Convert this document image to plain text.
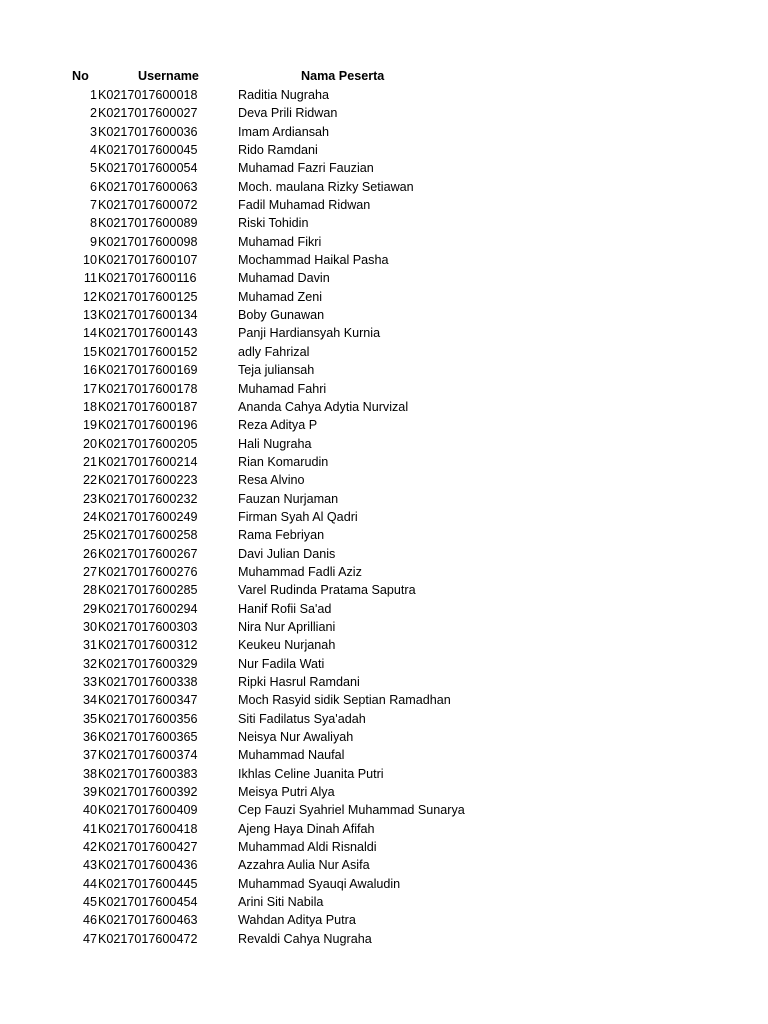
No	Username	Nama Peserta
1 K0217017600018	Raditia Nugraha
2 K0217017600027	Deva Prili Ridwan
3 K0217017600036	Imam Ardiansah
4 K0217017600045	Rido Ramdani
5 K0217017600054	Muhamad Fazri Fauzian
6 K0217017600063	Moch. maulana Rizky Setiawan
7 K0217017600072	Fadil Muhamad Ridwan
8 K0217017600089	Riski Tohidin
9 K0217017600098	Muhamad Fikri
10 K0217017600107	Mochammad Haikal Pasha
11 K0217017600116	Muhamad Davin
12 K0217017600125	Muhamad Zeni
13 K0217017600134	Boby Gunawan
14 K0217017600143	Panji Hardiansyah Kurnia
15 K0217017600152	adly Fahrizal
16 K0217017600169	Teja juliansah
17 K0217017600178	Muhamad Fahri
18 K0217017600187	Ananda Cahya Adytia Nurvizal
19 K0217017600196	Reza Aditya P
20 K0217017600205	Hali Nugraha
21 K0217017600214	Rian Komarudin
22 K0217017600223	Resa Alvino
23 K0217017600232	Fauzan Nurjaman
24 K0217017600249	Firman Syah Al Qadri
25 K0217017600258	Rama Febriyan
26 K0217017600267	Davi Julian Danis
27 K0217017600276	Muhammad Fadli Aziz
28 K0217017600285	Varel Rudinda Pratama Saputra
29 K0217017600294	Hanif Rofii Sa'ad
30 K0217017600303	Nira Nur Aprilliani
31 K0217017600312	Keukeu Nurjanah
32 K0217017600329	Nur Fadila Wati
33 K0217017600338	Ripki Hasrul Ramdani
34 K0217017600347	Moch Rasyid sidik Septian Ramadhan
35 K0217017600356	Siti Fadilatus Sya'adah
36 K0217017600365	Neisya Nur Awaliyah
37 K0217017600374	Muhammad Naufal
38 K0217017600383	Ikhlas Celine Juanita Putri
39 K0217017600392	Meisya Putri Alya
40 K0217017600409	Cep Fauzi Syahriel Muhammad Sunarya
41 K0217017600418	Ajeng Haya Dinah Afifah
42 K0217017600427	Muhammad Aldi Risnaldi
43 K0217017600436	Azzahra Aulia Nur Asifa
44 K0217017600445	Muhammad Syauqi Awaludin
45 K0217017600454	Arini Siti Nabila
46 K0217017600463	Wahdan Aditya Putra
47 K0217017600472	Revaldi Cahya Nugraha
